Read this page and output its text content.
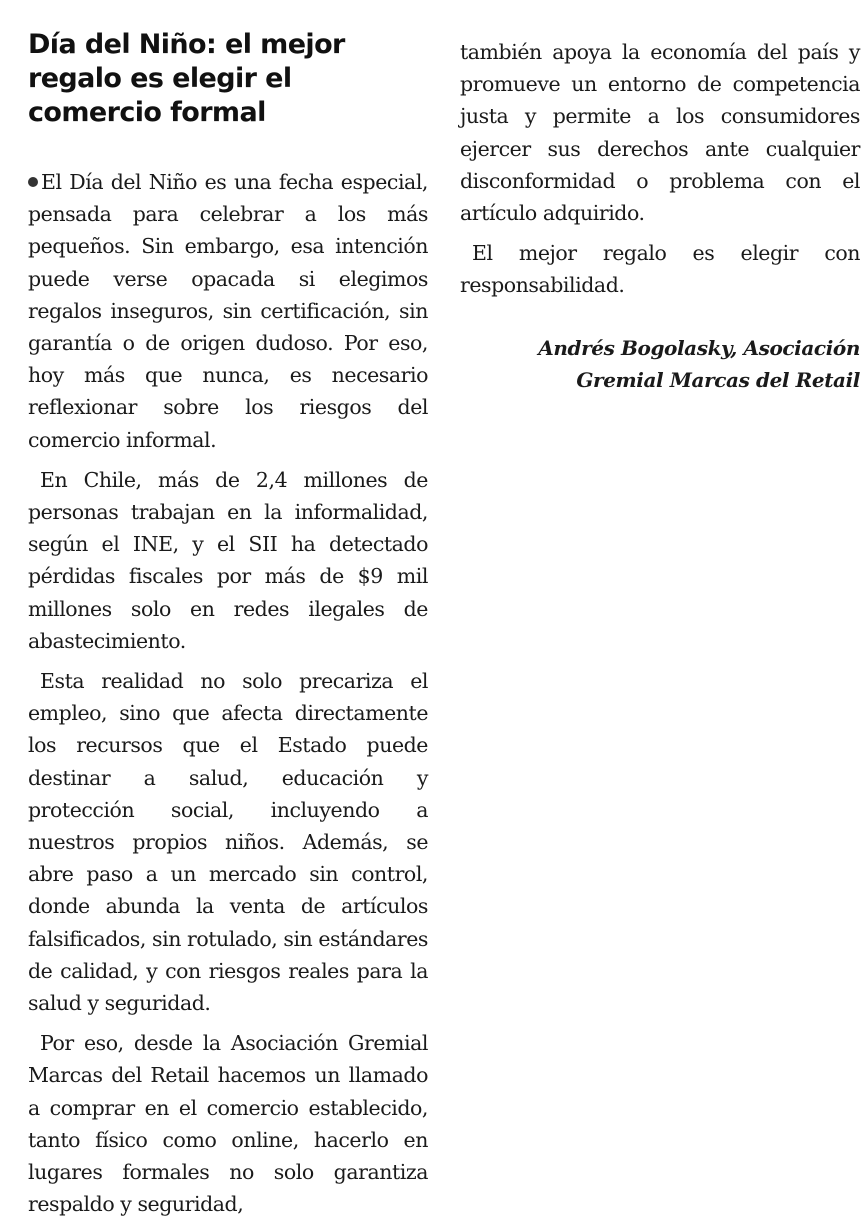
Día del Niño: el mejor regalo es elegir el comercio formal

El Día del Niño es una fecha especial, pensada para celebrar a los más pequeños. Sin embargo, esa intención puede verse opacada si elegimos regalos inseguros, sin certificación, sin garantía o de origen dudoso. Por eso, hoy más que nunca, es necesario reflexionar sobre los riesgos del comercio informal.

En Chile, más de 2,4 millones de personas trabajan en la informalidad, según el INE, y el SII ha detectado pérdidas fiscales por más de $9 mil millones solo en redes ilegales de abastecimiento.

Esta realidad no solo precariza el empleo, sino que afecta directamente los recursos que el Estado puede destinar a salud, educación y protección social, incluyendo a nuestros propios niños. Además, se abre paso a un mercado sin control, donde abunda la venta de artículos falsificados, sin rotulado, sin estándares de calidad, y con riesgos reales para la salud y seguridad.

Por eso, desde la Asociación Gremial Marcas del Retail hacemos un llamado a comprar en el comercio establecido, tanto físico como online, hacerlo en lugares formales no solo garantiza respaldo y seguridad,

también apoya la economía del país y promueve un entorno de competencia justa y permite a los consumidores ejercer sus derechos ante cualquier disconformidad o problema con el artículo adquirido.

El mejor regalo es elegir con responsabilidad.

Andrés Bogolasky, Asociación
Gremial Marcas del Retail
